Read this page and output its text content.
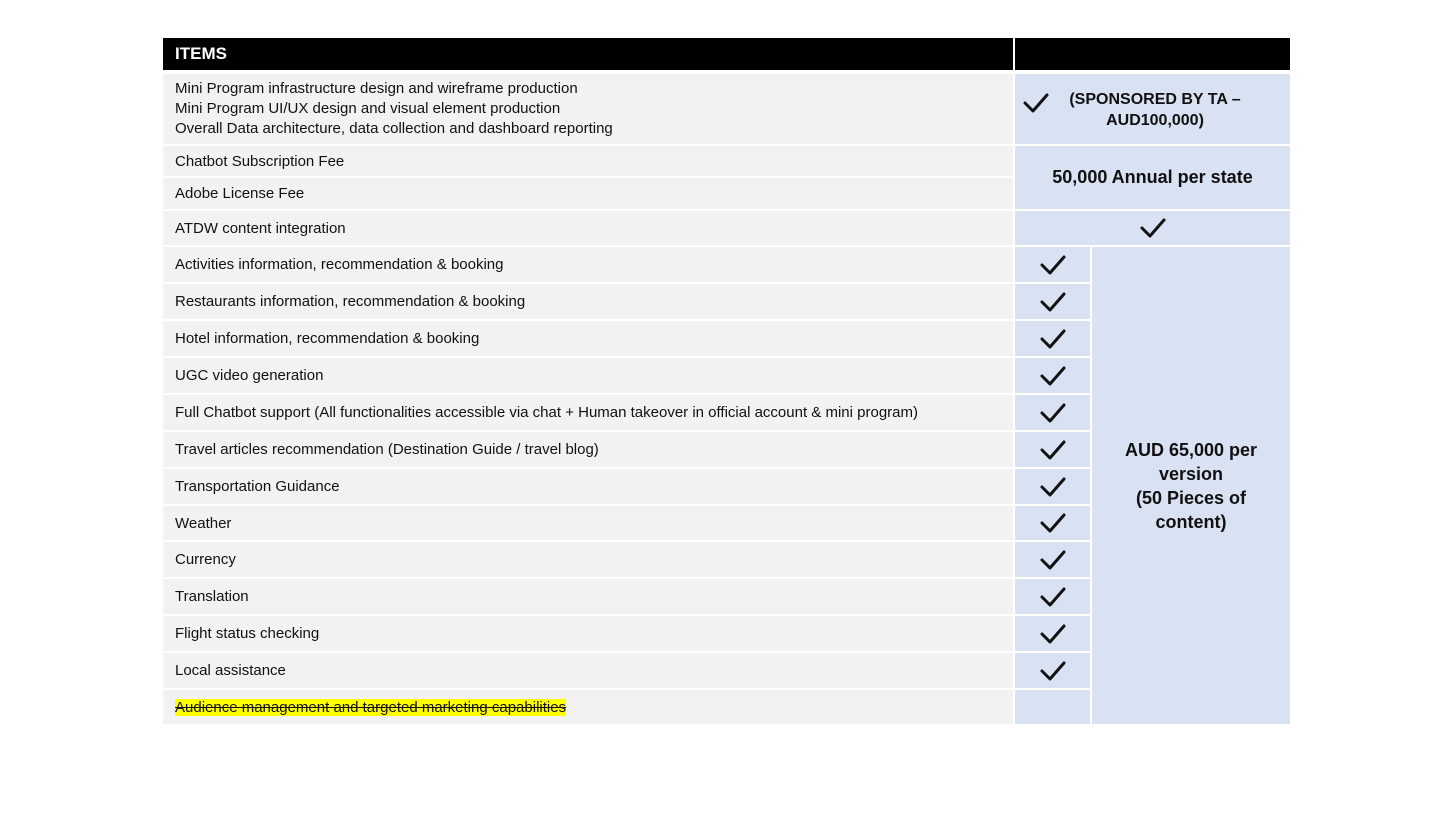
ITEMS
Mini Program infrastructure design and wireframe production
Mini Program UI/UX design and visual element production
Overall Data architecture, data collection and dashboard reporting
(SPONSORED BY TA – AUD100,000)
Chatbot Subscription Fee
Adobe License Fee
50,000 Annual per state
ATDW content integration
Activities information, recommendation & booking
Restaurants information, recommendation & booking
Hotel information, recommendation & booking
UGC video generation
Full Chatbot support (All functionalities accessible via chat + Human takeover in official account & mini program)
Travel articles recommendation (Destination Guide / travel blog)
Transportation Guidance
Weather
Currency
Translation
Flight status checking
Local assistance
Audience management and targeted marketing capabilities
AUD 65,000 per
version
(50 Pieces of
content)
